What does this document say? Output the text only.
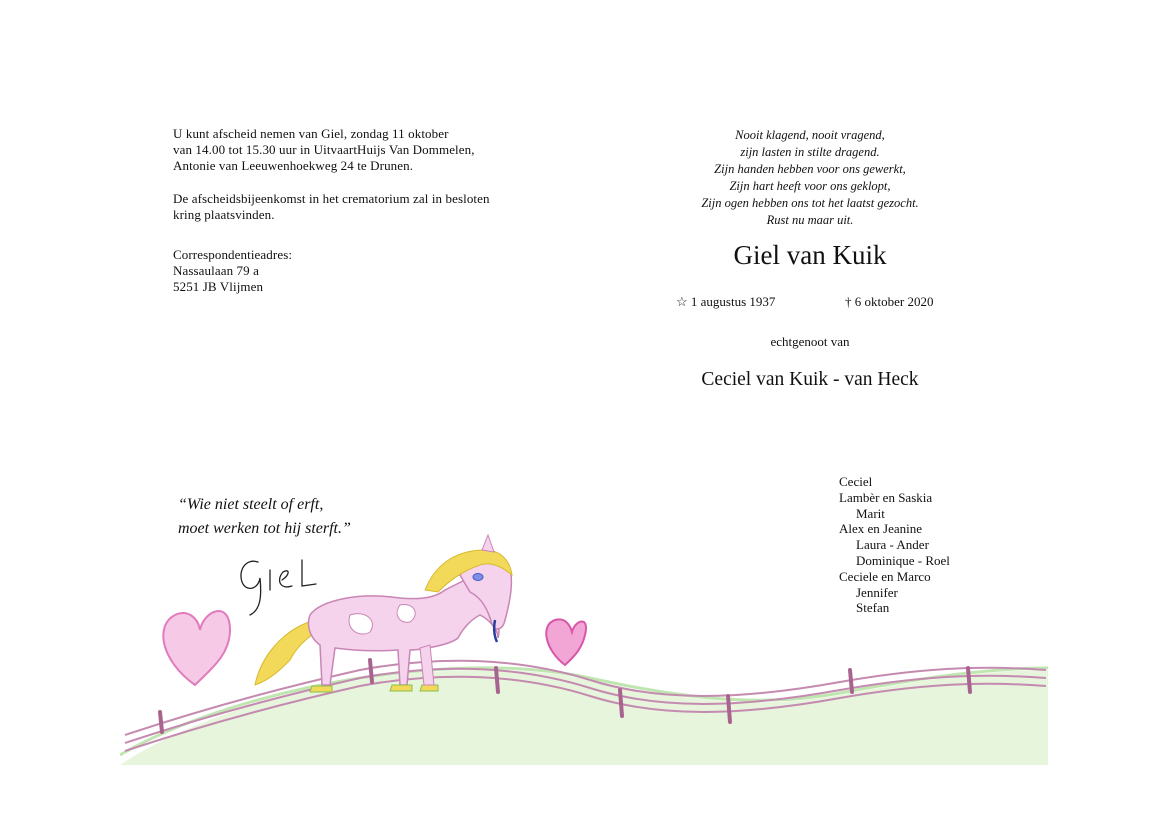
U kunt afscheid nemen van Giel, zondag 11 oktober
van 14.00 tot 15.30 uur in UitvaartHuijs Van Dommelen,
Antonie van Leeuwenhoekweg 24 te Drunen.
De afscheidsbijeenkomst in het crematorium zal in besloten
kring plaatsvinden.
Correspondentieadres:
Nassaulaan 79 a
5251 JB Vlijmen
Nooit klagend, nooit vragend,
zijn lasten in stilte dragend.
Zijn handen hebben voor ons gewerkt,
Zijn hart heeft voor ons geklopt,
Zijn ogen hebben ons tot het laatst gezocht.
Rust nu maar uit.
Giel van Kuik
☆ 1 augustus 1937	† 6 oktober 2020
echtgenoot van
Ceciel van Kuik - van Heck
Ceciel
Lambèr en Saskia
Marit
Alex en Jeanine
Laura - Ander
Dominique - Roel
Ceciele en Marco
Jennifer
Stefan
“Wie niet steelt of erft,
moet werken tot hij sterft.”
